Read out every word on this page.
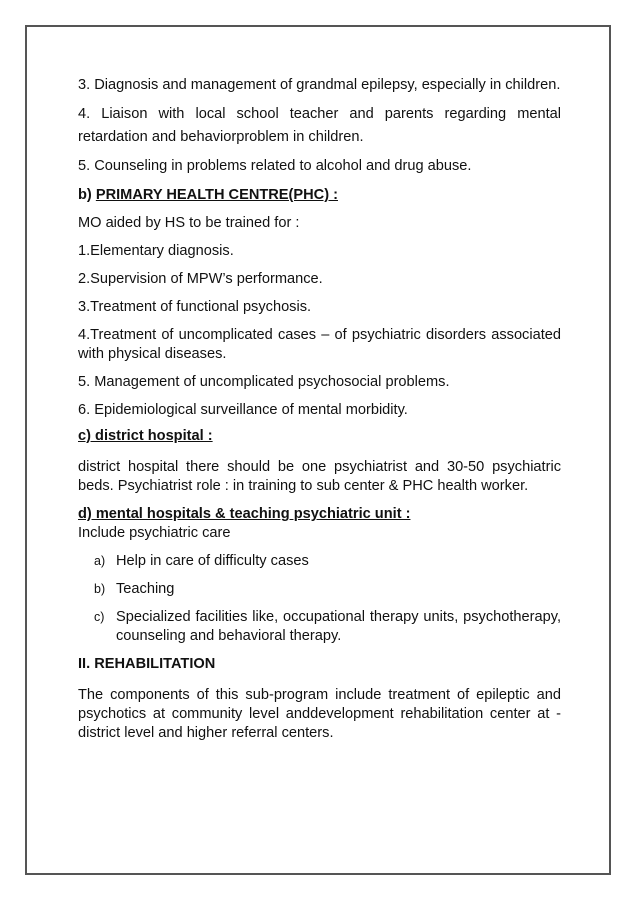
3. Diagnosis and management of grandmal epilepsy, especially in children.

4. Liaison with local school teacher and parents regarding mental retardation and behaviorproblem in children.

5. Counseling in problems related to alcohol and drug abuse.

b) PRIMARY HEALTH CENTRE(PHC) :

MO aided by HS to be trained for :

1.Elementary diagnosis.

2.Supervision of MPW’s performance.

3.Treatment of functional psychosis.

4.Treatment of uncomplicated cases – of psychiatric disorders associated with physical diseases.

5. Management of uncomplicated psychosocial problems.

6. Epidemiological surveillance of mental morbidity.

c) district hospital :

district hospital there should be one psychiatrist and 30-50 psychiatric beds. Psychiatrist role : in training to sub center & PHC health worker.

d) mental hospitals & teaching psychiatric unit :

Include psychiatric care

a) Help in care of difficulty cases
b) Teaching
c) Specialized facilities like, occupational therapy units, psychotherapy, counseling and behavioral therapy.

II. REHABILITATION

The components of this sub-program include treatment of epileptic and psychotics at community level anddevelopment rehabilitation center at - district level and higher referral centers.
